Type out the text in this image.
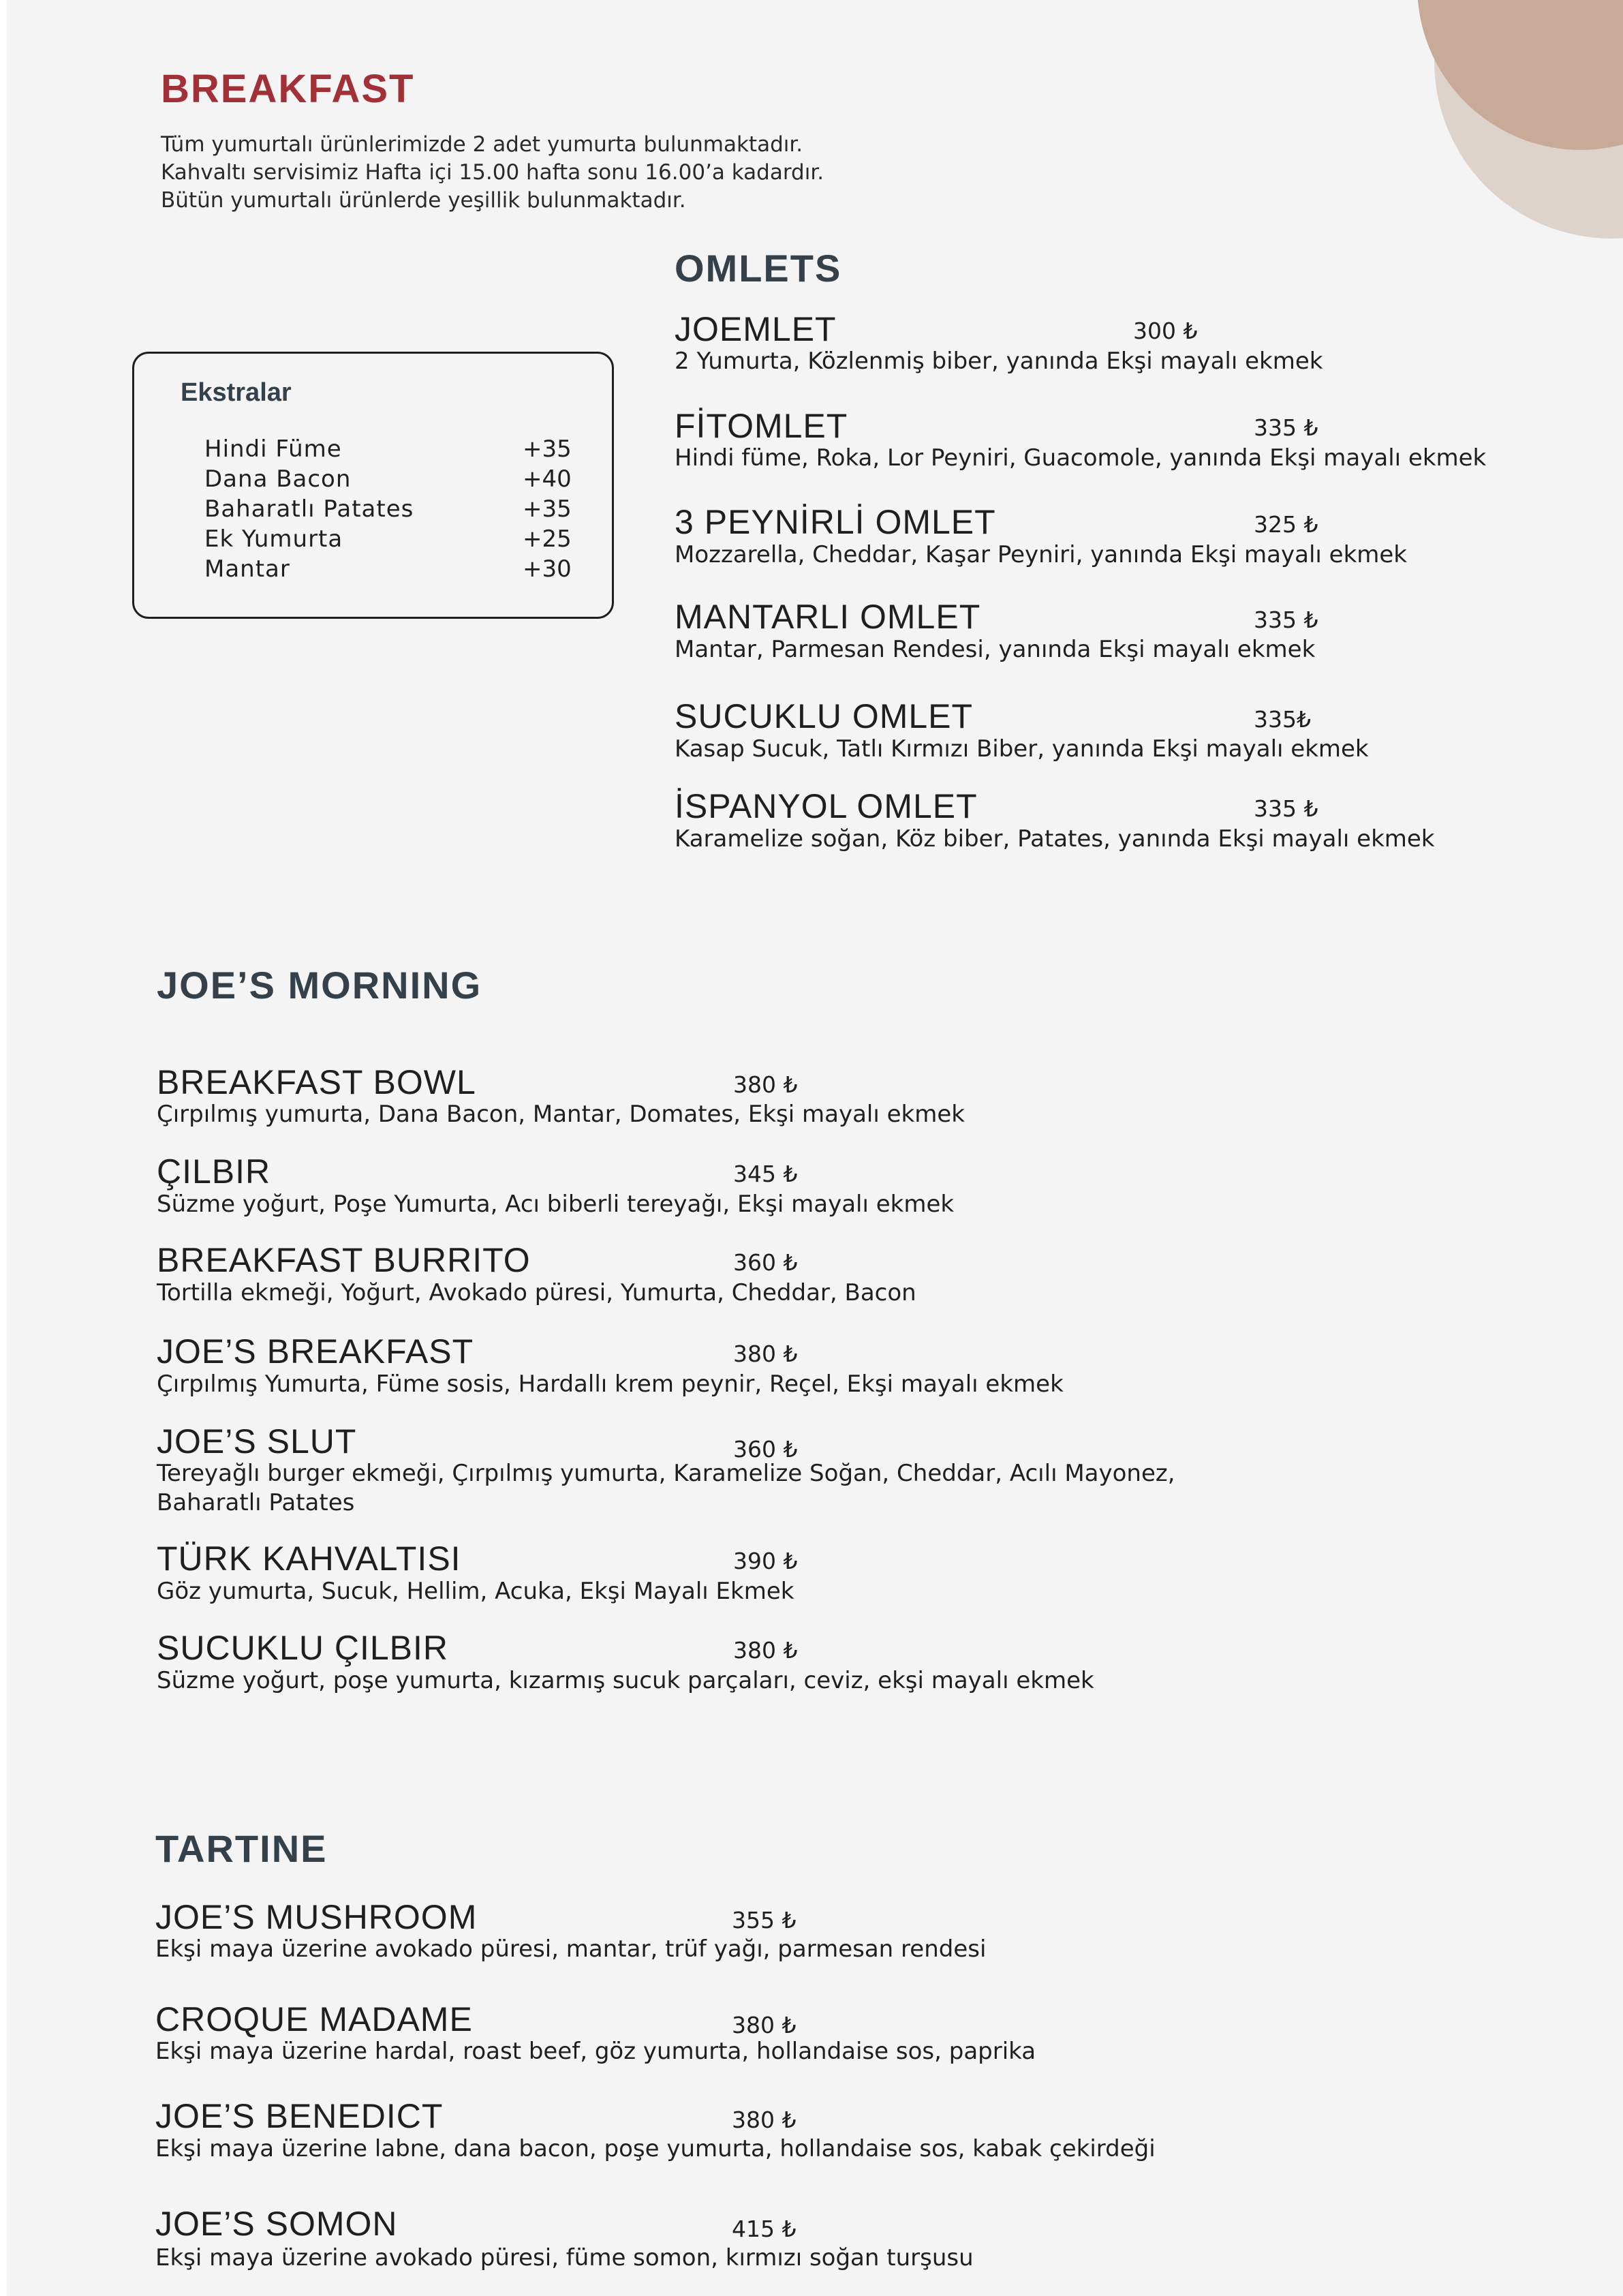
BREAKFAST
Tüm yumurtalı ürünlerimizde 2 adet yumurta bulunmaktadır.
Kahvaltı servisimiz Hafta içi 15.00 hafta sonu 16.00’a kadardır.
Bütün yumurtalı ürünlerde yeşillik bulunmaktadır.
Ekstralar
Hindi Füme	+35
Dana Bacon	+40
Baharatlı Patates	+35
Ek Yumurta	+25
Mantar	+30
OMLETS
JOEMLET	300 ₺
2 Yumurta, Közlenmiş biber, yanında Ekşi mayalı ekmek
FİTOMLET	335 ₺
Hindi füme, Roka, Lor Peyniri, Guacomole, yanında Ekşi mayalı ekmek
3 PEYNİRLİ OMLET	325 ₺
Mozzarella, Cheddar, Kaşar Peyniri, yanında Ekşi mayalı ekmek
MANTARLI OMLET	335 ₺
Mantar, Parmesan Rendesi, yanında Ekşi mayalı ekmek
SUCUKLU OMLET	335₺
Kasap Sucuk, Tatlı Kırmızı Biber, yanında Ekşi mayalı ekmek
İSPANYOL OMLET	335 ₺
Karamelize soğan, Köz biber, Patates, yanında Ekşi mayalı ekmek
JOE’S MORNING
BREAKFAST BOWL	380 ₺
Çırpılmış yumurta, Dana Bacon, Mantar, Domates, Ekşi mayalı ekmek
ÇILBIR	345 ₺
Süzme yoğurt, Poşe Yumurta, Acı biberli tereyağı, Ekşi mayalı ekmek
BREAKFAST BURRITO	360 ₺
Tortilla ekmeği, Yoğurt, Avokado püresi, Yumurta, Cheddar, Bacon
JOE’S BREAKFAST	380 ₺
Çırpılmış Yumurta, Füme sosis, Hardallı krem peynir, Reçel, Ekşi mayalı ekmek
JOE’S SLUT	360 ₺
Tereyağlı burger ekmeği, Çırpılmış yumurta, Karamelize Soğan, Cheddar, Acılı Mayonez,
Baharatlı Patates
TÜRK KAHVALTISI	390 ₺
Göz yumurta, Sucuk, Hellim, Acuka, Ekşi Mayalı Ekmek
SUCUKLU ÇILBIR	380 ₺
Süzme yoğurt, poşe yumurta, kızarmış sucuk parçaları, ceviz, ekşi mayalı ekmek
TARTINE
JOE’S MUSHROOM	355 ₺
Ekşi maya üzerine avokado püresi, mantar, trüf yağı, parmesan rendesi
CROQUE MADAME	380 ₺
Ekşi maya üzerine hardal, roast beef, göz yumurta, hollandaise sos, paprika
JOE’S BENEDICT	380 ₺
Ekşi maya üzerine labne, dana bacon, poşe yumurta, hollandaise sos, kabak çekirdeği
JOE’S SOMON	415 ₺
Ekşi maya üzerine avokado püresi, füme somon, kırmızı soğan turşusu
